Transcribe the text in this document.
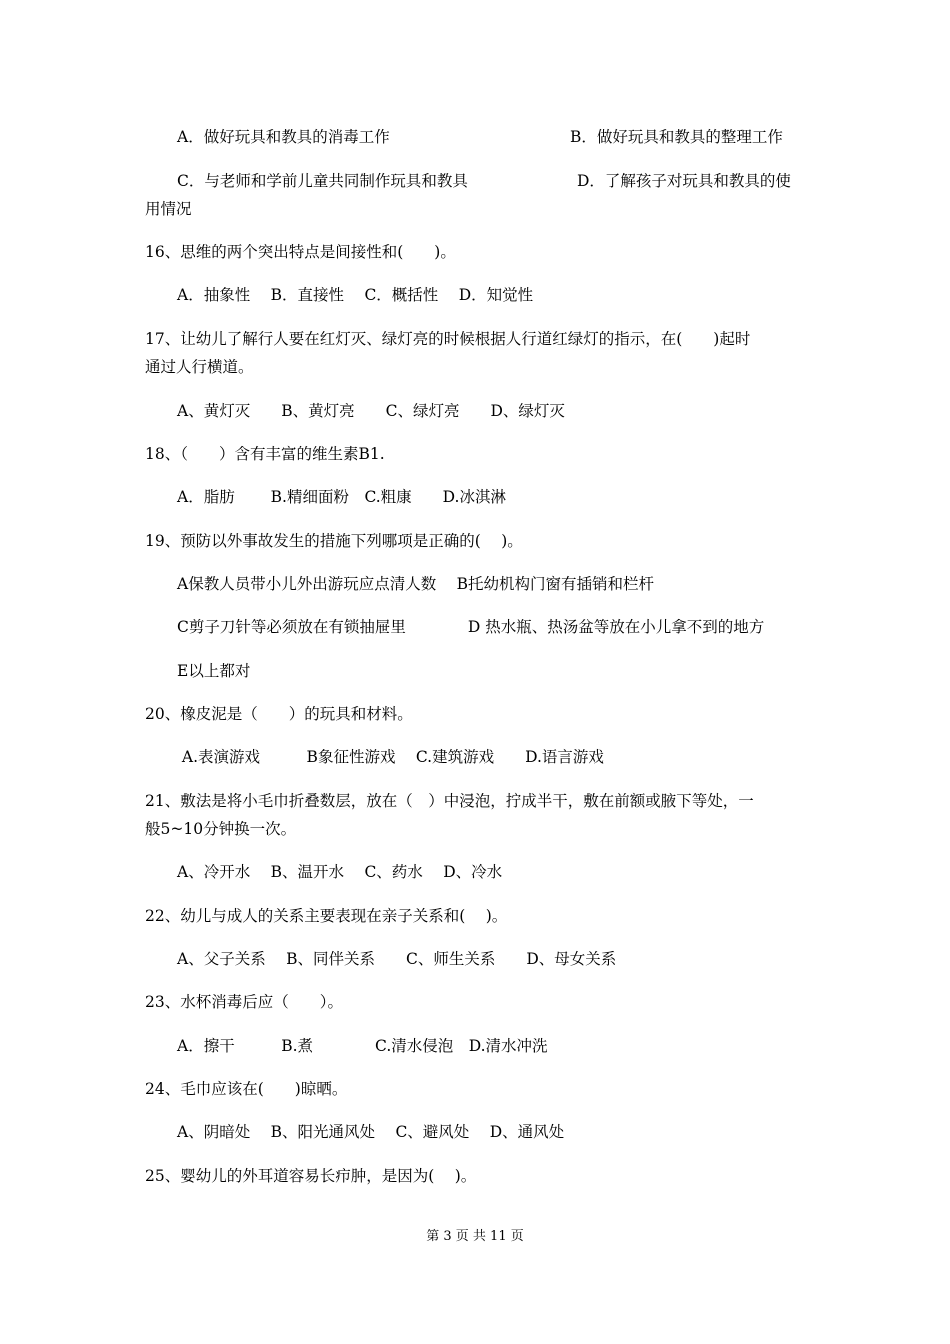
A．做好玩具和教具的消毒工作	B．做好玩具和教具的整理工作
C．与老师和学前儿童共同制作玩具和教具	D．了解孩子对玩具和教具的使
用情况
16、思维的两个突出特点是间接性和(　　)。
A．抽象性　 B．直接性　 C．概括性　 D．知觉性
17、让幼儿了解行人要在红灯灭、绿灯亮的时候根据人行道红绿灯的指示，在(　　)起时
通过人行横道。
A、黄灯灭　　B、黄灯亮　　C、绿灯亮　　D、绿灯灭
18、（　　）含有丰富的维生素B1.
A．脂肪　　 B.精细面粉　C.粗康　　D.冰淇淋
19、预防以外事故发生的措施下列哪项是正确的(　 )。
A保教人员带小儿外出游玩应点清人数　 B托幼机构门窗有插销和栏杆
C剪子刀针等必须放在有锁抽屉里　　　　D 热水瓶、热汤盆等放在小儿拿不到的地方
E以上都对
20、橡皮泥是（　　）的玩具和材料。
A.表演游戏　　　B象征性游戏　 C.建筑游戏　　D.语言游戏
21、敷法是将小毛巾折叠数层，放在（　）中浸泡，拧成半干，敷在前额或腋下等处，一
般5~10分钟换一次。
A、冷开水　 B、温开水　 C、药水　 D、冷水
22、幼儿与成人的关系主要表现在亲子关系和(　 )。
A、父子关系　 B、同伴关系　　C、师生关系　　D、母女关系
23、水杯消毒后应（　　）。
A．擦干　　　B.煮　　　　C.清水侵泡　D.清水冲洗
24、毛巾应该在(　　)晾晒。
A、阴暗处　 B、阳光通风处　 C、避风处　 D、通风处
25、婴幼儿的外耳道容易长疖肿，是因为(　 )。
第 3 页 共 11 页
